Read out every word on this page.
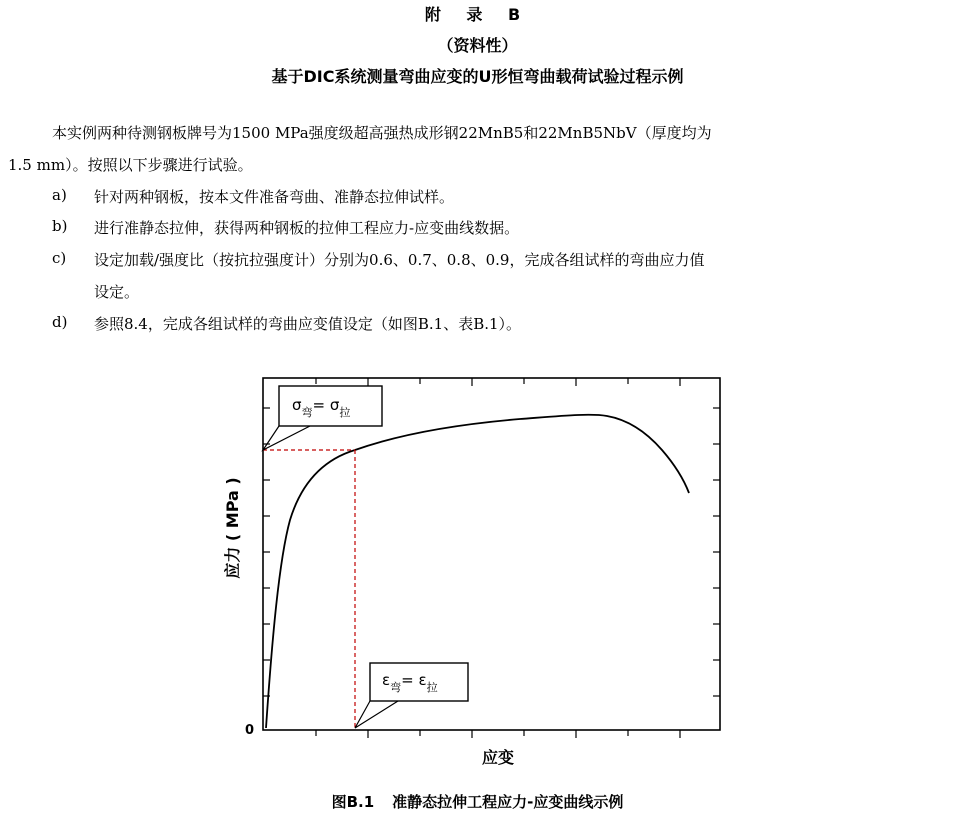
附 录 B
（资料性）
基于DIC系统测量弯曲应变的U形恒弯曲载荷试验过程示例
本实例两种待测钢板牌号为1500 MPa强度级超高强热成形钢22MnB5和22MnB5NbV（厚度均为
1.5 mm）。按照以下步骤进行试验。
a) 针对两种钢板，按本文件准备弯曲、准静态拉伸试样。
b) 进行准静态拉伸，获得两种钢板的拉伸工程应力-应变曲线数据。
c) 设定加载/强度比（按抗拉强度计）分别为0.6、0.7、0.8、0.9，完成各组试样的弯曲应力值
设定。
d) 参照8.4，完成各组试样的弯曲应变值设定（如图B.1、表B.1）。
$\sigma_弯= \sigma_拉$
$\varepsilon_弯= \varepsilon_拉$
0
应变
应力 ( MPa )
图B.1 准静态拉伸工程应力-应变曲线示例
